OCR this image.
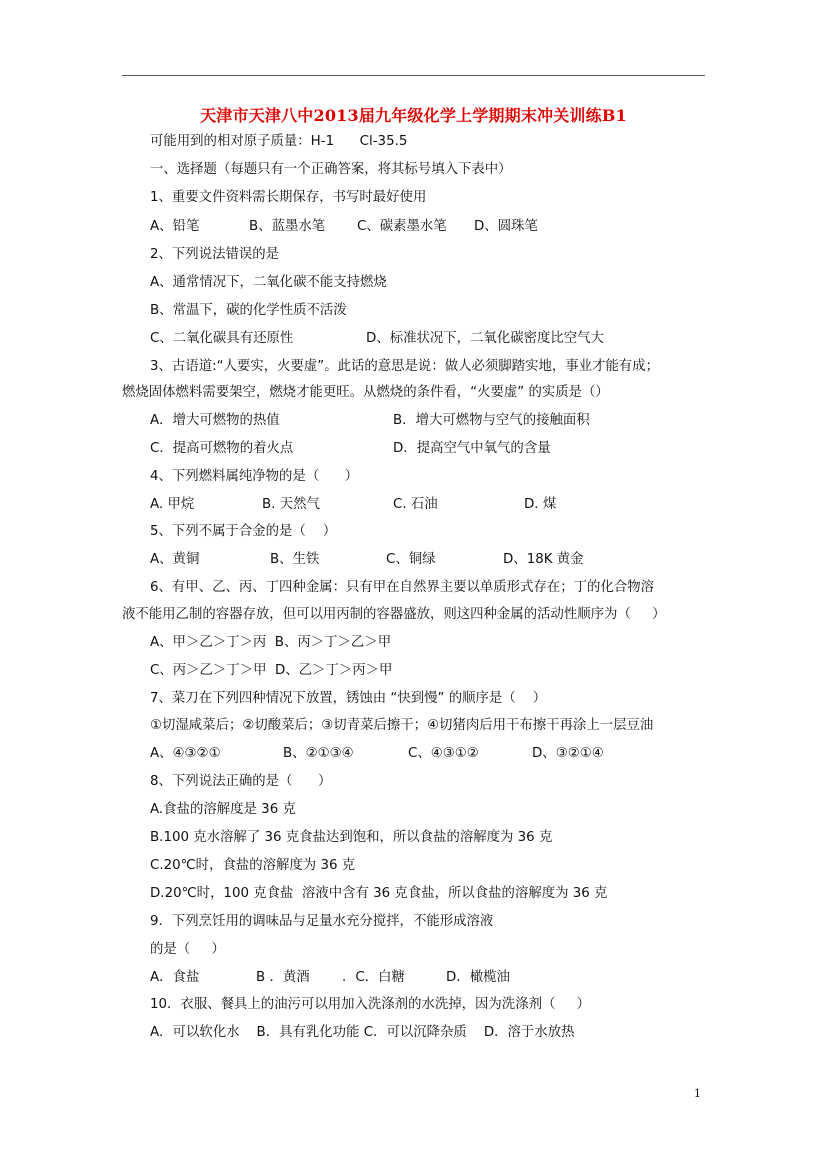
天津市天津八中2013届九年级化学上学期期末冲关训练B1
可能用到的相对原子质量：H-1      Cl-35.5
一、选择题（每题只有一个正确答案，将其标号填入下表中）
1、重要文件资料需长期保存，书写时最好使用
A、铅笔	B、蓝墨水笔 C、碳素墨水笔 D、圆珠笔
2、下列说法错误的是
A、通常情况下，二氧化碳不能支持燃烧
B、常温下，碳的化学性质不活泼
C、二氧化碳具有还原性	D、标准状况下，二氧化碳密度比空气大
3、古语道:“人要实，火要虚”。此话的意思是说：做人必须脚踏实地，事业才能有成；
燃烧固体燃料需要架空，燃烧才能更旺。从燃烧的条件看，“火要虚” 的实质是（）
A．增大可燃物的热值	B．增大可燃物与空气的接触面积
C．提高可燃物的着火点	D．提高空气中氧气的含量
4、下列燃料属纯净物的是（      ）
A. 甲烷	B. 天然气	C. 石油	D. 煤
5、下列不属于合金的是（    ）
A、黄铜	B、生铁	C、铜绿	D、18K 黄金
6、有甲、乙、丙、丁四种金属：只有甲在自然界主要以单质形式存在；丁的化合物溶
液不能用乙制的容器存放，但可以用丙制的容器盛放，则这四种金属的活动性顺序为（     ）
A、甲＞乙＞丁＞丙  B、丙＞丁＞乙＞甲
C、丙＞乙＞丁＞甲  D、乙＞丁＞丙＞甲
7、菜刀在下列四种情况下放置，锈蚀由 “快到慢” 的顺序是（    ）
①切湿咸菜后；②切酸菜后；③切青菜后擦干；④切猪肉后用干布擦干再涂上一层豆油
A、④③②①	B、②①③④	C、④③①②	D、③②①④
8、下列说法正确的是（      ）
A.食盐的溶解度是 36 克
B.100 克水溶解了 36 克食盐达到饱和，所以食盐的溶解度为 36 克
C.20℃时，食盐的溶解度为 36 克
D.20℃时，100 克食盐  溶液中含有 36 克食盐，所以食盐的溶解度为 36 克
9．下列烹饪用的调味品与足量水充分搅拌，不能形成溶液
的是（     ）
A．食盐	B ．黄酒 ．C．白糖	D．橄榄油
10．衣服、餐具上的油污可以用加入洗涤剂的水洗掉，因为洗涤剂（     ）
A．可以软化水    B．具有乳化功能 C．可以沉降杂质    D．溶于水放热
1
